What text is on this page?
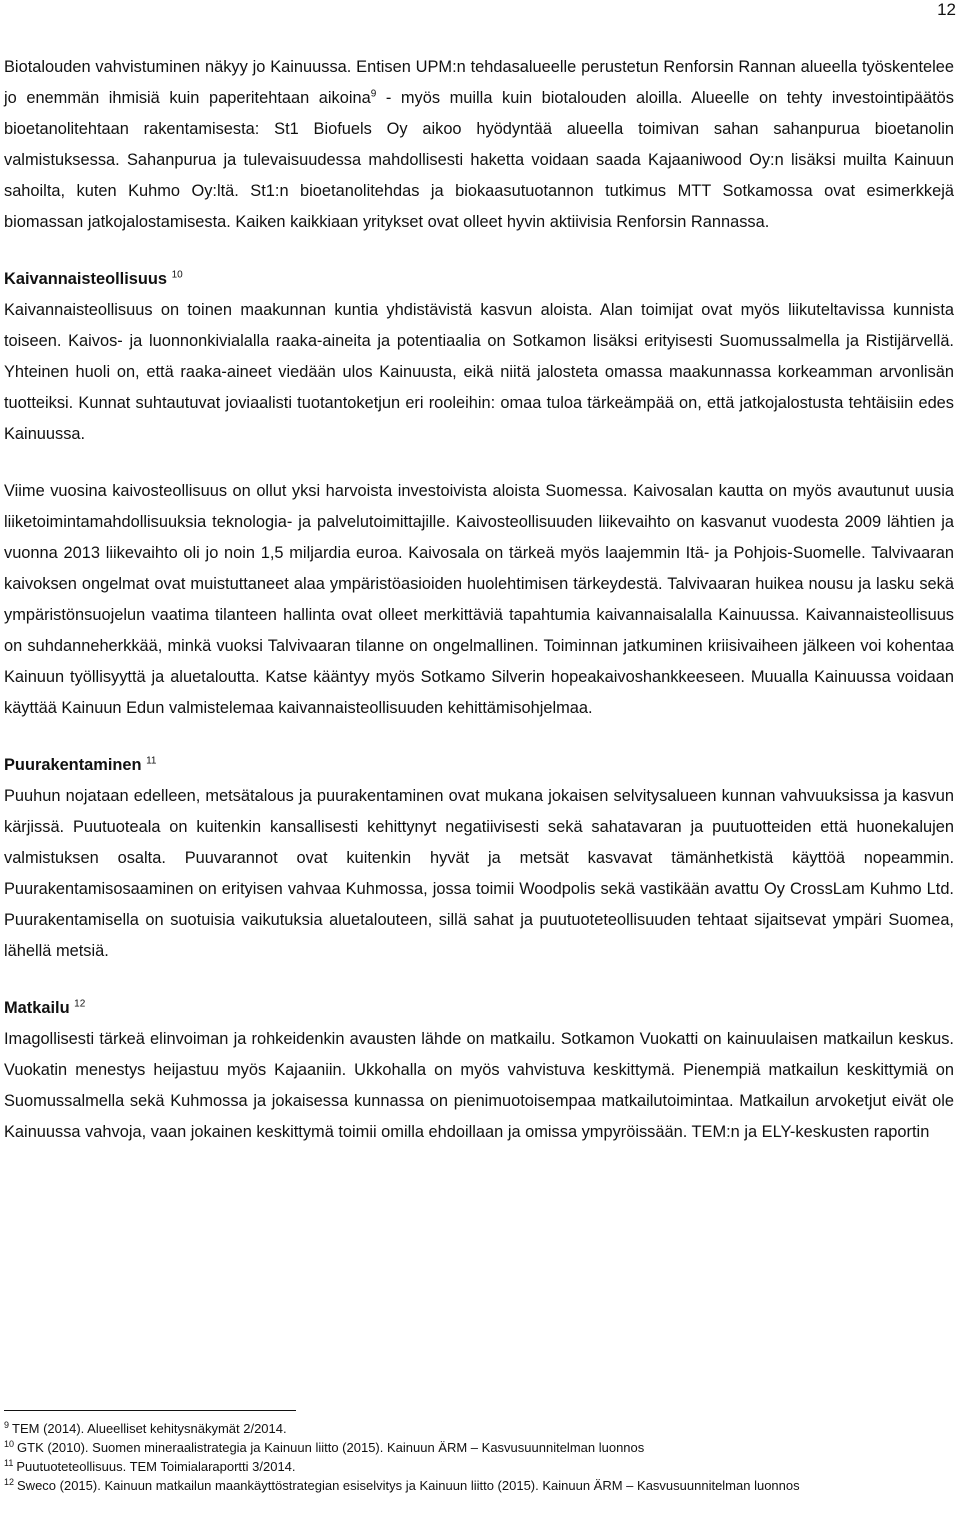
12

Biotalouden vahvistuminen näkyy jo Kainuussa. Entisen UPM:n tehdasalueelle perustetun Renforsin Rannan alueella työskentelee jo enemmän ihmisiä kuin paperitehtaan aikoina$^9$ - myös muilla kuin biotalouden aloilla. Alueelle on tehty investointipäätös bioetanolitehtaan rakentamisesta: St1 Biofuels Oy aikoo hyödyntää alueella toimivan sahan sahanpurua bioetanolin valmistuksessa. Sahanpurua ja tulevaisuudessa mahdollisesti haketta voidaan saada Kajaaniwood Oy:n lisäksi muilta Kainuun sahoilta, kuten Kuhmo Oy:ltä. St1:n bioetanolitehdas ja biokaasutuotannon tutkimus MTT Sotkamossa ovat esimerkkejä biomassan jatkojalostamisesta. Kaiken kaikkiaan yritykset ovat olleet hyvin aktiivisia Renforsin Rannassa.

Kaivannaisteollisuus $^{10}$

Kaivannaisteollisuus on toinen maakunnan kuntia yhdistävistä kasvun aloista. Alan toimijat ovat myös liikuteltavissa kunnista toiseen. Kaivos- ja luonnonkivialalla raaka-aineita ja potentiaalia on Sotkamon lisäksi erityisesti Suomussalmella ja Ristijärvellä. Yhteinen huoli on, että raaka-aineet viedään ulos Kainuusta, eikä niitä jalosteta omassa maakunnassa korkeamman arvonlisän tuotteiksi. Kunnat suhtautuvat joviaalisti tuotantoketjun eri rooleihin: omaa tuloa tärkeämpää on, että jatkojalostusta tehtäisiin edes Kainuussa.

Viime vuosina kaivosteollisuus on ollut yksi harvoista investoivista aloista Suomessa. Kaivosalan kautta on myös avautunut uusia liiketoimintamahdollisuuksia teknologia- ja palvelutoimittajille. Kaivosteollisuuden liikevaihto on kasvanut vuodesta 2009 lähtien ja vuonna 2013 liikevaihto oli jo noin 1,5 miljardia euroa. Kaivosala on tärkeä myös laajemmin Itä- ja Pohjois-Suomelle. Talvivaaran kaivoksen ongelmat ovat muistuttaneet alaa ympäristöasioiden huolehtimisen tärkeydestä. Talvivaaran huikea nousu ja lasku sekä ympäristönsuojelun vaatima tilanteen hallinta ovat olleet merkittäviä tapahtumia kaivannaisalalla Kainuussa. Kaivannaisteollisuus on suhdanneherkkää, minkä vuoksi Talvivaaran tilanne on ongelmallinen. Toiminnan jatkuminen kriisivaiheen jälkeen voi kohentaa Kainuun työllisyyttä ja aluetaloutta. Katse kääntyy myös Sotkamo Silverin hopeakaivoshankkeeseen. Muualla Kainuussa voidaan käyttää Kainuun Edun valmistelemaa kaivannaisteollisuuden kehittämisohjelmaa.

Puurakentaminen $^{11}$

Puuhun nojataan edelleen, metsätalous ja puurakentaminen ovat mukana jokaisen selvitysalueen kunnan vahvuuksissa ja kasvun kärjissä. Puutuoteala on kuitenkin kansallisesti kehittynyt negatiivisesti sekä sahatavaran ja puutuotteiden että huonekalujen valmistuksen osalta. Puuvarannot ovat kuitenkin hyvät ja metsät kasvavat tämänhetkistä käyttöä nopeammin. Puurakentamisosaaminen on erityisen vahvaa Kuhmossa, jossa toimii Woodpolis sekä vastikään avattu Oy CrossLam Kuhmo Ltd. Puurakentamisella on suotuisia vaikutuksia aluetalouteen, sillä sahat ja puutuoteteollisuuden tehtaat sijaitsevat ympäri Suomea, lähellä metsiä.

Matkailu $^{12}$

Imagollisesti tärkeä elinvoiman ja rohkeidenkin avausten lähde on matkailu. Sotkamon Vuokatti on kainuulaisen matkailun keskus. Vuokatin menestys heijastuu myös Kajaaniin. Ukkohalla on myös vahvistuva keskittymä. Pienempiä matkailun keskittymiä on Suomussalmella sekä Kuhmossa ja jokaisessa kunnassa on pienimuotoisempaa matkailutoimintaa. Matkailun arvoketjut eivät ole Kainuussa vahvoja, vaan jokainen keskittymä toimii omilla ehdoillaan ja omissa ympyröissään. TEM:n ja ELY-keskusten raportin

$^9$ TEM (2014). Alueelliset kehitysnäkymät 2/2014.

$^{10}$ GTK (2010). Suomen mineraalistrategia ja Kainuun liitto (2015). Kainuun ÄRM – Kasvusuunnitelman luonnos

$^{11}$ Puutuoteteollisuus. TEM Toimialaraportti 3/2014.

$^{12}$ Sweco (2015). Kainuun matkailun maankäyttöstrategian esiselvitys ja Kainuun liitto (2015). Kainuun ÄRM – Kasvusuunnitelman luonnos
